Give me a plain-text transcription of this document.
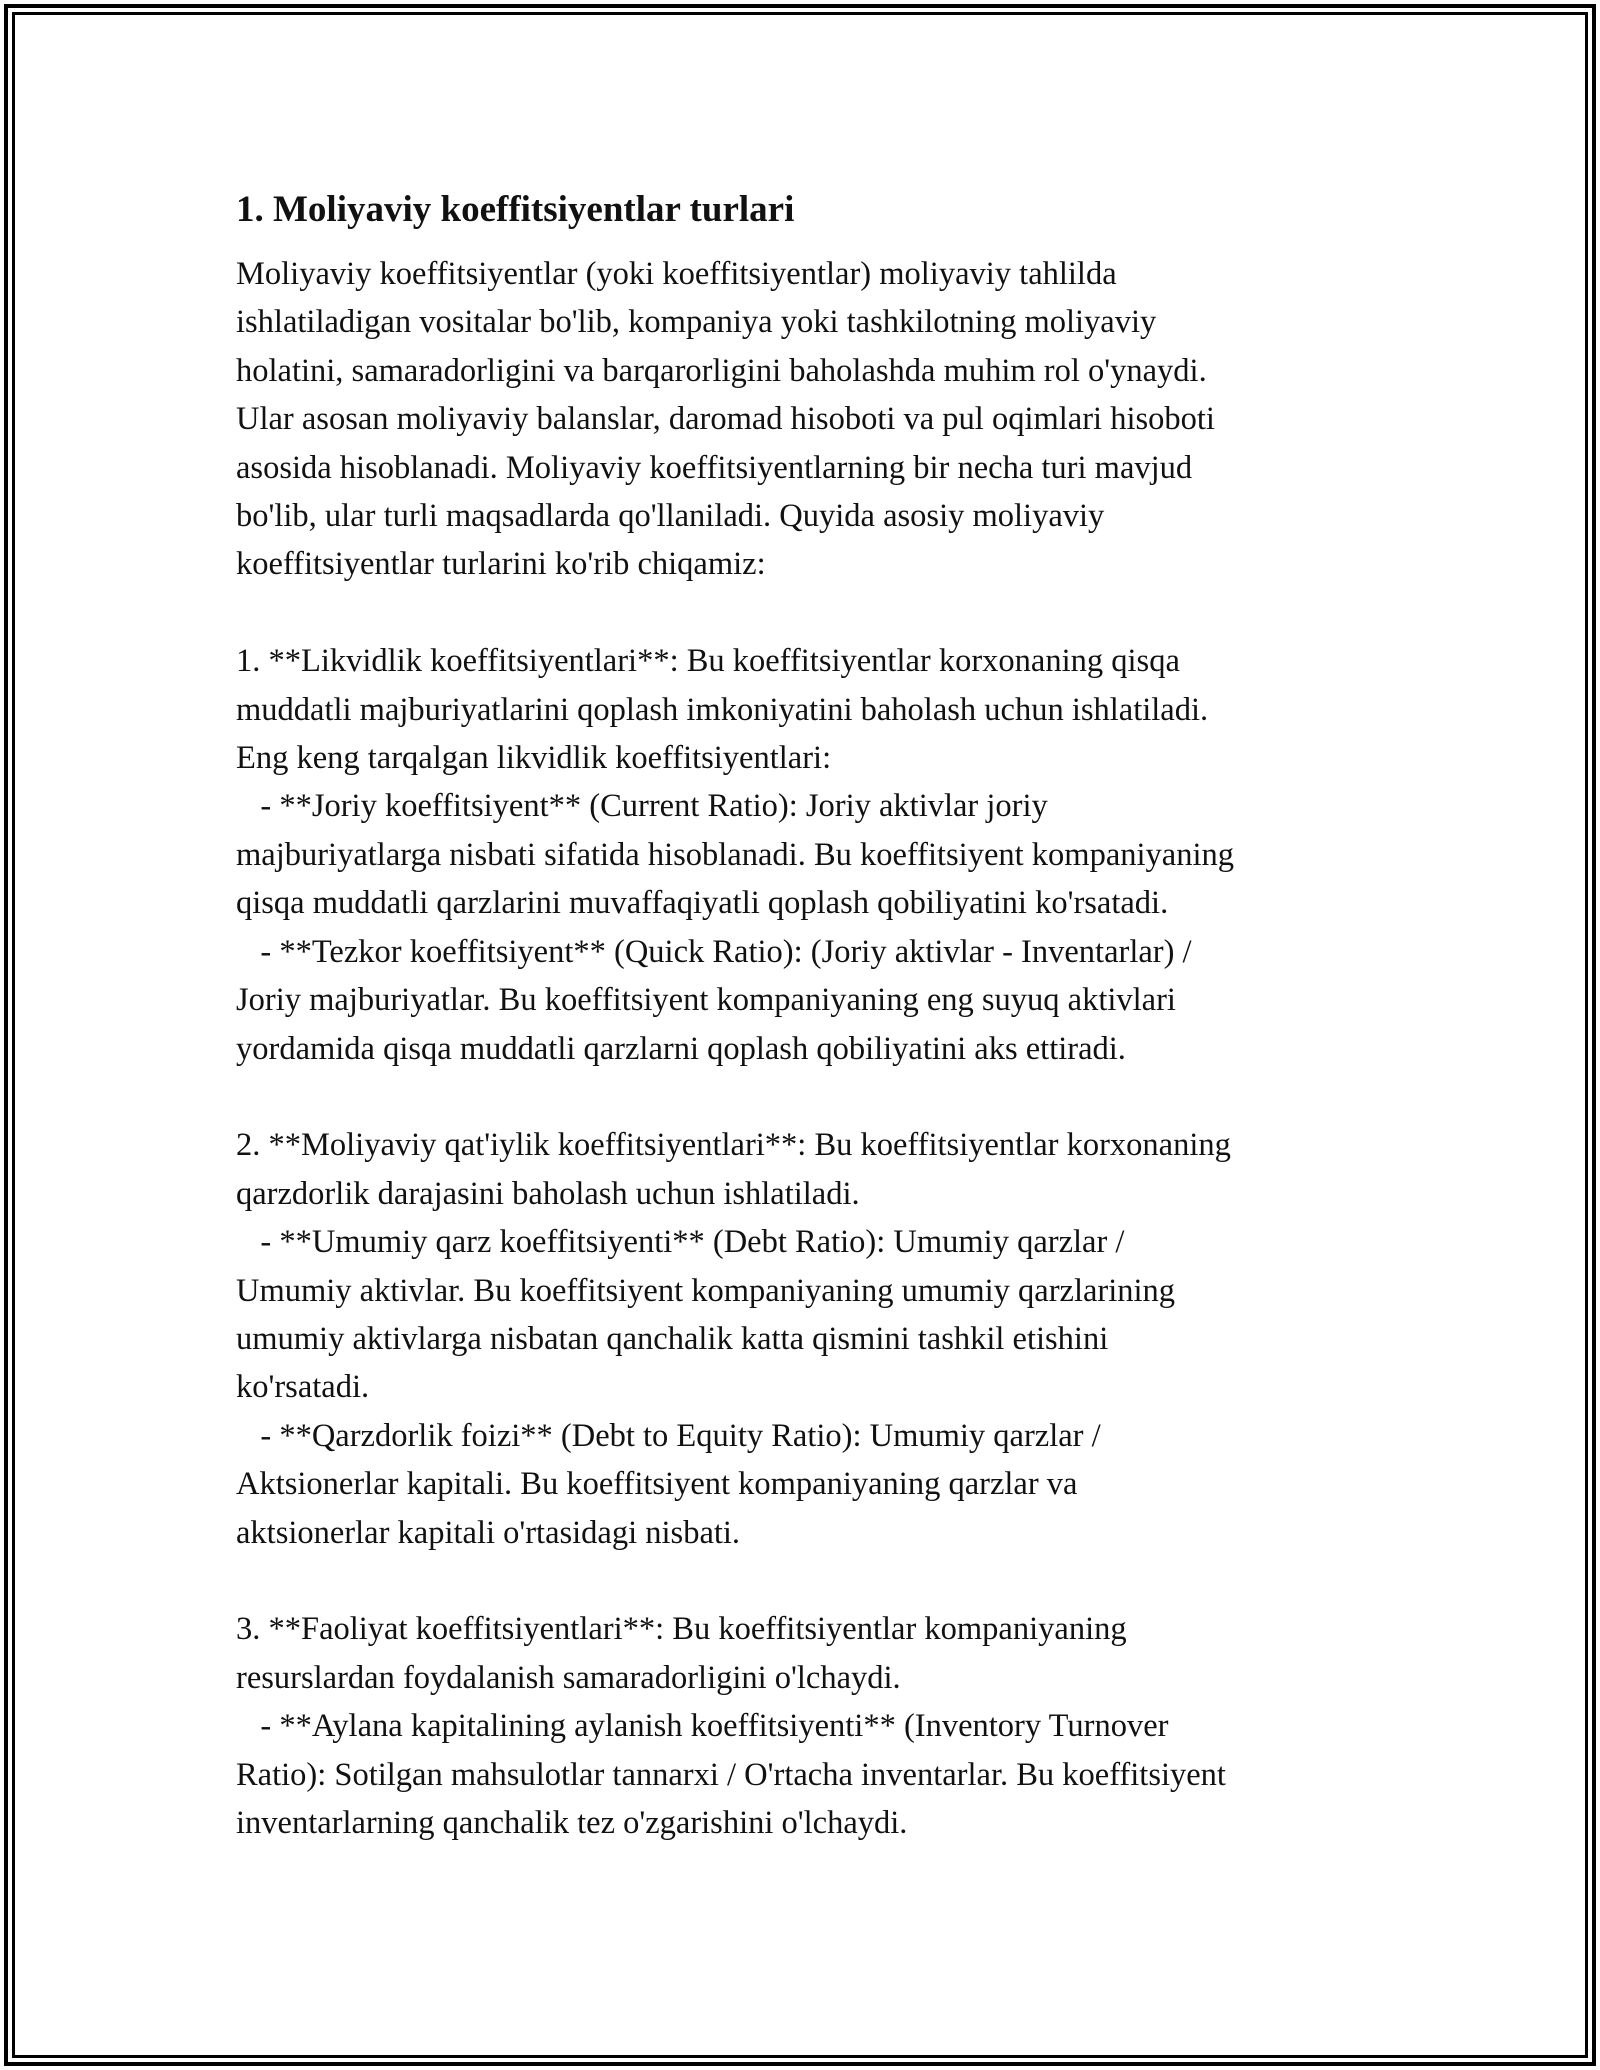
1. Moliyaviy koeffitsiyentlar turlari

Moliyaviy koeffitsiyentlar (yoki koeffitsiyentlar) moliyaviy tahlilda
ishlatiladigan vositalar bo'lib, kompaniya yoki tashkilotning moliyaviy
holatini, samaradorligini va barqarorligini baholashda muhim rol o'ynaydi.
Ular asosan moliyaviy balanslar, daromad hisoboti va pul oqimlari hisoboti
asosida hisoblanadi. Moliyaviy koeffitsiyentlarning bir necha turi mavjud
bo'lib, ular turli maqsadlarda qo'llaniladi. Quyida asosiy moliyaviy
koeffitsiyentlar turlarini ko'rib chiqamiz:

1. **Likvidlik koeffitsiyentlari**: Bu koeffitsiyentlar korxonaning qisqa
muddatli majburiyatlarini qoplash imkoniyatini baholash uchun ishlatiladi.
Eng keng tarqalgan likvidlik koeffitsiyentlari:
- **Joriy koeffitsiyent** (Current Ratio): Joriy aktivlar joriy
majburiyatlarga nisbati sifatida hisoblanadi. Bu koeffitsiyent kompaniyaning
qisqa muddatli qarzlarini muvaffaqiyatli qoplash qobiliyatini ko'rsatadi.
- **Tezkor koeffitsiyent** (Quick Ratio): (Joriy aktivlar - Inventarlar) /
Joriy majburiyatlar. Bu koeffitsiyent kompaniyaning eng suyuq aktivlari
yordamida qisqa muddatli qarzlarni qoplash qobiliyatini aks ettiradi.

2. **Moliyaviy qat'iylik koeffitsiyentlari**: Bu koeffitsiyentlar korxonaning
qarzdorlik darajasini baholash uchun ishlatiladi.
- **Umumiy qarz koeffitsiyenti** (Debt Ratio): Umumiy qarzlar /
Umumiy aktivlar. Bu koeffitsiyent kompaniyaning umumiy qarzlarining
umumiy aktivlarga nisbatan qanchalik katta qismini tashkil etishini
ko'rsatadi.
- **Qarzdorlik foizi** (Debt to Equity Ratio): Umumiy qarzlar /
Aktsionerlar kapitali. Bu koeffitsiyent kompaniyaning qarzlar va
aktsionerlar kapitali o'rtasidagi nisbati.

3. **Faoliyat koeffitsiyentlari**: Bu koeffitsiyentlar kompaniyaning
resurslardan foydalanish samaradorligini o'lchaydi.
- **Aylana kapitalining aylanish koeffitsiyenti** (Inventory Turnover
Ratio): Sotilgan mahsulotlar tannarxi / O'rtacha inventarlar. Bu koeffitsiyent
inventarlarning qanchalik tez o'zgarishini o'lchaydi.
